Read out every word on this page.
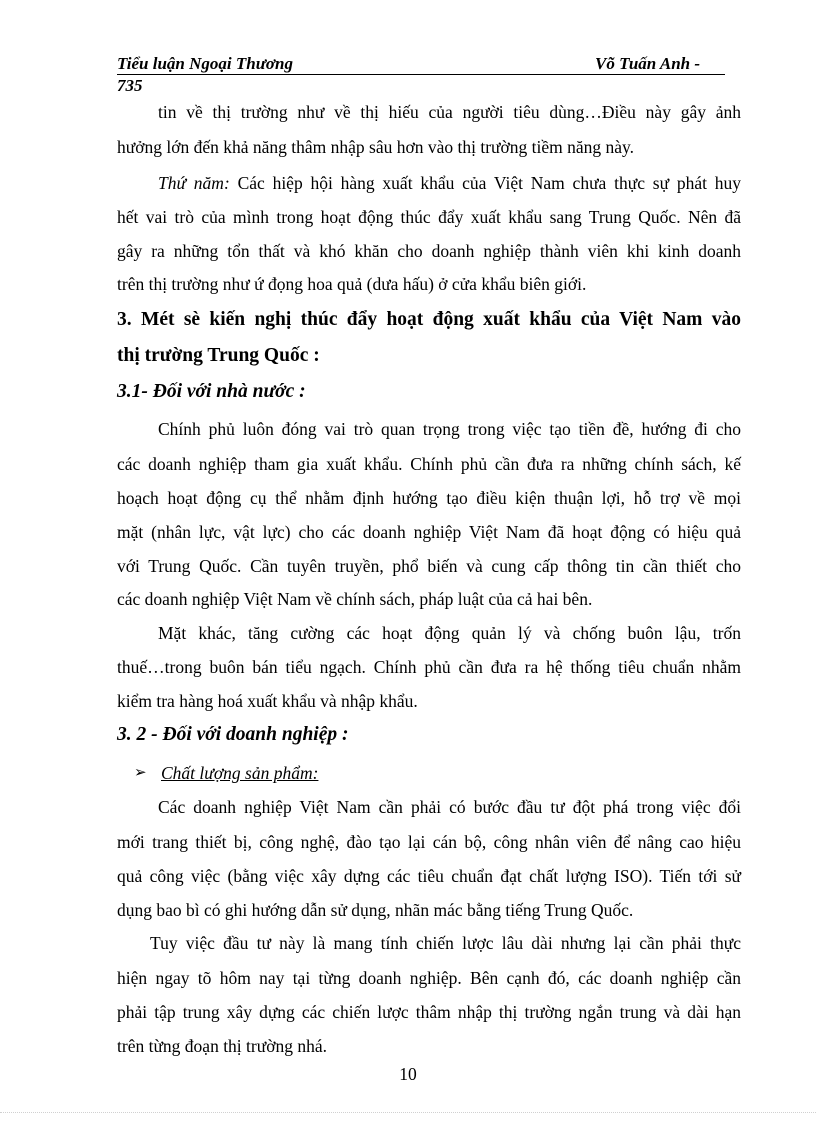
Tiểu luận Ngoại Thương	Võ Tuấn Anh -
735
tin về thị trường như về thị hiếu của người tiêu dùng…Điều này gây ảnh
hưởng lớn đến khả năng thâm nhập sâu hơn vào thị trường tiềm năng này.
Thứ năm: Các hiệp hội hàng xuất khẩu của Việt Nam chưa thực sự phát huy
hết vai trò của mình trong hoạt động thúc đẩy xuất khẩu sang Trung Quốc. Nên đã
gây ra những tổn thất và khó khăn cho doanh nghiệp thành viên khi kinh doanh
trên thị trường như ứ đọng hoa quả (dưa hấu) ở cửa khẩu biên giới.
3. Mét sè kiến nghị thúc đẩy hoạt động xuất khẩu của Việt Nam vào
thị trường Trung Quốc :
3.1- Đối với nhà nước :
Chính phủ luôn đóng vai trò quan trọng trong việc tạo tiền đề, hướng đi cho
các doanh nghiệp tham gia xuất khẩu. Chính phủ cần đưa ra những chính sách, kế
hoạch hoạt động cụ thể nhằm định hướng tạo điều kiện thuận lợi, hỗ trợ về mọi
mặt (nhân lực, vật lực) cho các doanh nghiệp Việt Nam đã hoạt động có hiệu quả
với Trung Quốc. Cần tuyên truyền, phổ biến và cung cấp thông tin cần thiết cho
các doanh nghiệp Việt Nam về chính sách, pháp luật của cả hai bên.
Mặt khác, tăng cường các hoạt động quản lý và chống buôn lậu, trốn
thuế…trong buôn bán tiểu ngạch. Chính phủ cần đưa ra hệ thống tiêu chuẩn nhằm
kiểm tra hàng hoá xuất khẩu và nhập khẩu.
3. 2 - Đối với doanh nghiệp :
➢ Chất lượng sản phẩm:
Các doanh nghiệp Việt Nam cần phải có bước đầu tư đột phá trong việc đổi
mới trang thiết bị, công nghệ, đào tạo lại cán bộ, công nhân viên để nâng cao hiệu
quả công việc (bằng việc xây dựng các tiêu chuẩn đạt chất lượng ISO). Tiến tới sử
dụng bao bì có ghi hướng dẫn sử dụng, nhãn mác bằng tiếng Trung Quốc.
Tuy việc đầu tư này là mang tính chiến lược lâu dài nhưng lại cần phải thực
hiện ngay tõ hôm nay tại từng doanh nghiệp. Bên cạnh đó, các doanh nghiệp cần
phải tập trung xây dựng các chiến lược thâm nhập thị trường ngắn trung và dài hạn
trên từng đoạn thị trường nhá.
10
